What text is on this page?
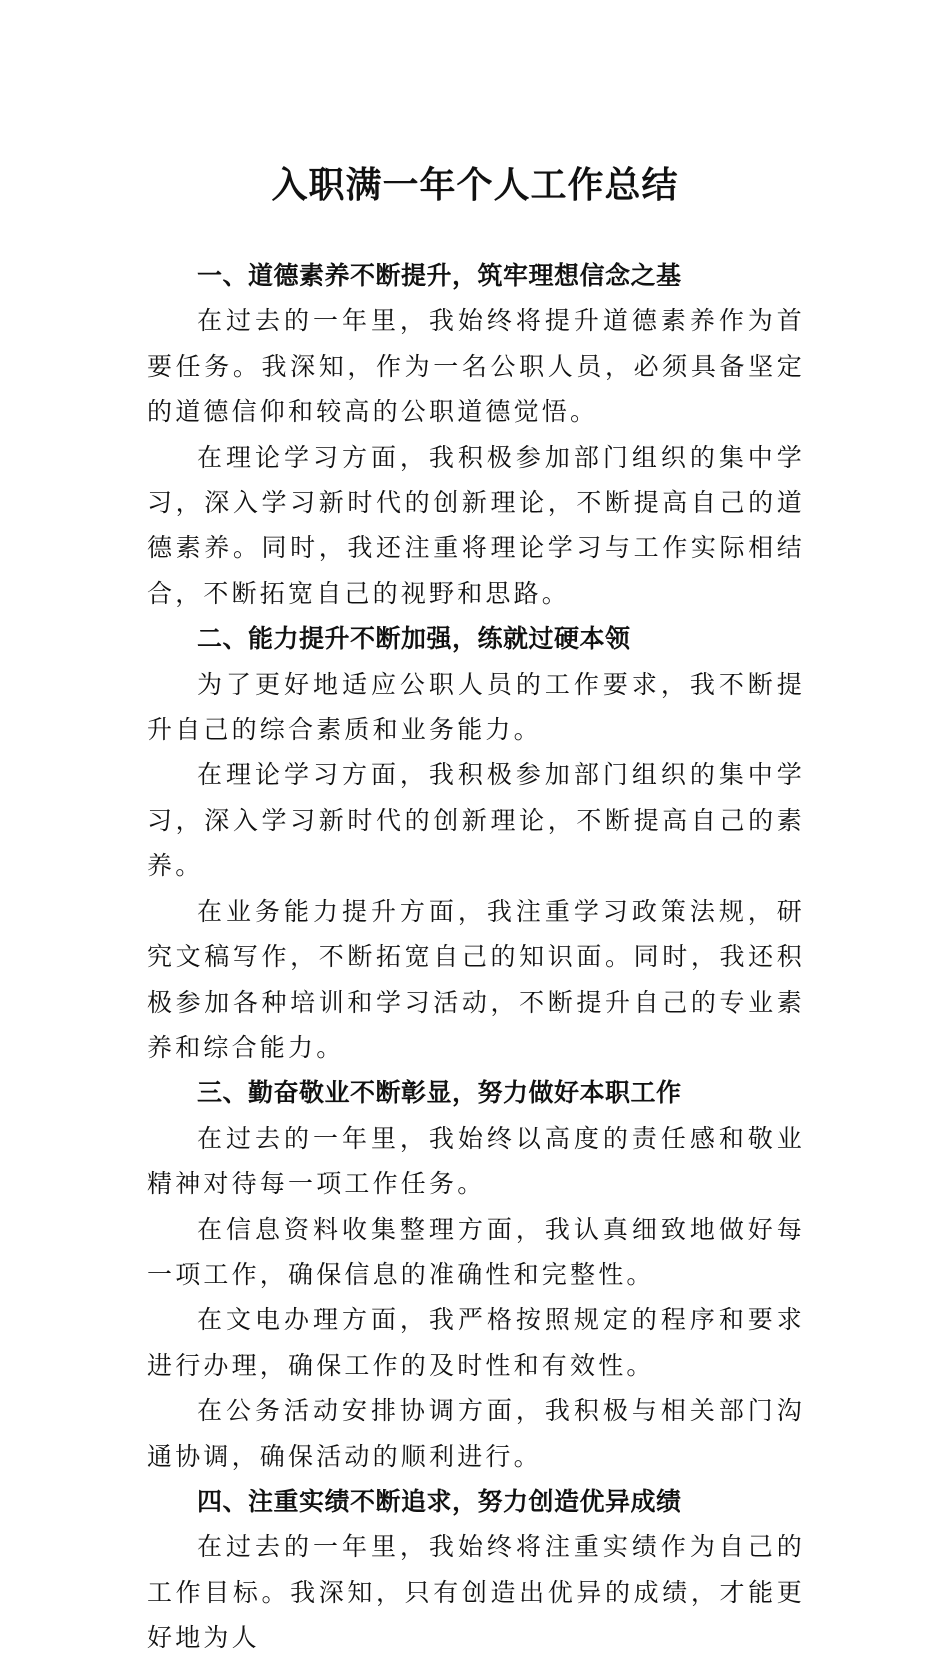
入职满一年个人工作总结

一、道德素养不断提升，筑牢理想信念之基

在过去的一年里，我始终将提升道德素养作为首要任务。我深知，作为一名公职人员，必须具备坚定的道德信仰和较高的公职道德觉悟。

在理论学习方面，我积极参加部门组织的集中学习，深入学习新时代的创新理论，不断提高自己的道德素养。同时，我还注重将理论学习与工作实际相结合，不断拓宽自己的视野和思路。

二、能力提升不断加强，练就过硬本领

为了更好地适应公职人员的工作要求，我不断提升自己的综合素质和业务能力。

在理论学习方面，我积极参加部门组织的集中学习，深入学习新时代的创新理论，不断提高自己的素养。

在业务能力提升方面，我注重学习政策法规，研究文稿写作，不断拓宽自己的知识面。同时，我还积极参加各种培训和学习活动，不断提升自己的专业素养和综合能力。

三、勤奋敬业不断彰显，努力做好本职工作

在过去的一年里，我始终以高度的责任感和敬业精神对待每一项工作任务。

在信息资料收集整理方面，我认真细致地做好每一项工作，确保信息的准确性和完整性。

在文电办理方面，我严格按照规定的程序和要求进行办理，确保工作的及时性和有效性。

在公务活动安排协调方面，我积极与相关部门沟通协调，确保活动的顺利进行。

四、注重实绩不断追求，努力创造优异成绩

在过去的一年里，我始终将注重实绩作为自己的工作目标。我深知，只有创造出优异的成绩，才能更好地为人
